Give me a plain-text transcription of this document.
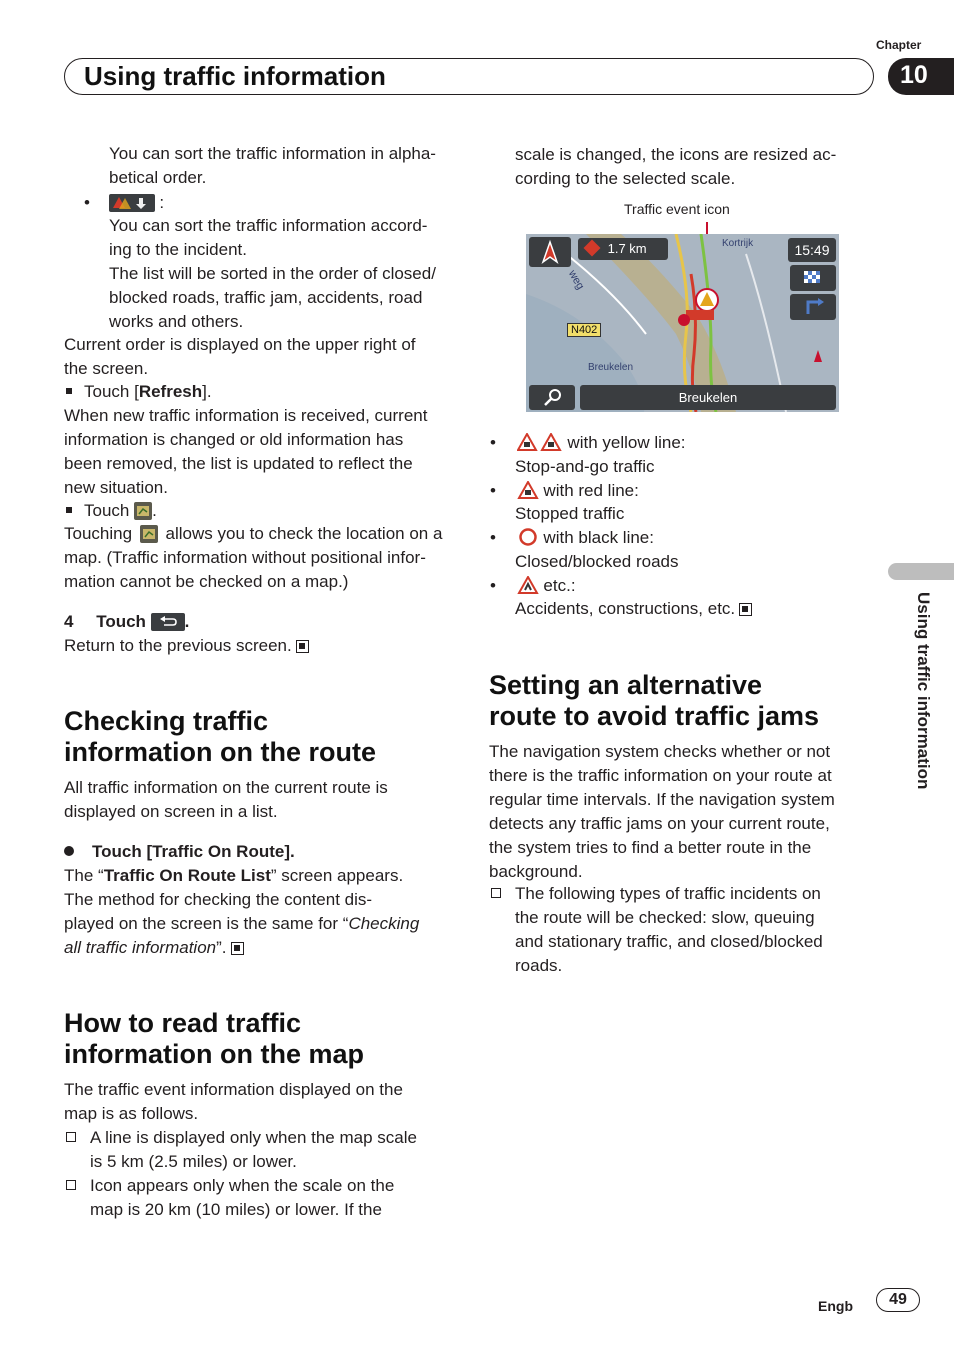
Chapter
Using traffic information	10
Using traffic information
You can sort the traffic information in alpha-
betical order.
•	:
You can sort the traffic information accord-
ing to the incident.
The list will be sorted in the order of closed/
blocked roads, traffic jam, accidents, road
works and others.
Current order is displayed on the upper right of
the screen.
Touch [Refresh].
When new traffic information is received, current
information is changed or old information has
been removed, the list is updated to reflect the
new situation.
Touch .
Touching allows you to check the location on a
map. (Traffic information without positional infor-
mation cannot be checked on a map.)
4 Touch .
Return to the previous screen.
Checking traffic
information on the route
All traffic information on the current route is
displayed on screen in a list.
Touch [Traffic On Route].
The “Traffic On Route List” screen appears.
The method for checking the content dis-
played on the screen is the same for “Checking
all traffic information”.
How to read traffic
information on the map
The traffic event information displayed on the
map is as follows.
A line is displayed only when the map scale
is 5 km (2.5 miles) or lower.
Icon appears only when the scale on the
map is 20 km (10 miles) or lower. If the
scale is changed, the icons are resized ac-
cording to the selected scale.
Traffic event icon
1.7 km	Kortrijk
weg
15:49
N402
Breukelen
Breukelen
•	with yellow line:
Stop-and-go traffic
•	with red line:
Stopped traffic
•	with black line:
Closed/blocked roads
•	etc.:
Accidents, constructions, etc.
Setting an alternative
route to avoid traffic jams
The navigation system checks whether or not
there is the traffic information on your route at
regular time intervals. If the navigation system
detects any traffic jams on your current route,
the system tries to find a better route in the
background.
The following types of traffic incidents on
the route will be checked: slow, queuing
and stationary traffic, and closed/blocked
roads.
Engb	49
